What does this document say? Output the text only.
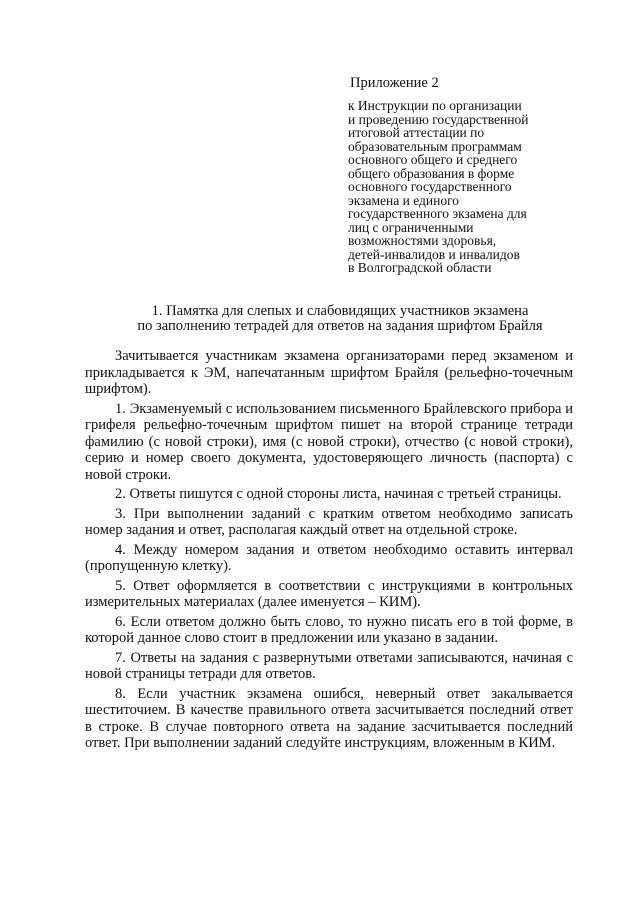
Приложение 2
к Инструкции по организации
и проведению государственной
итоговой аттестации по
образовательным программам
основного общего и среднего
общего образования в форме
основного государственного
экзамена и единого
государственного экзамена для
лиц с ограниченными
возможностями здоровья,
детей-инвалидов и инвалидов
в Волгоградской области
1. Памятка для слепых и слабовидящих участников экзамена
по заполнению тетрадей для ответов на задания шрифтом Брайля

Зачитывается участникам экзамена организаторами перед экзаменом и прикладывается к ЭМ, напечатанным шрифтом Брайля (рельефно-точечным шрифтом).

1. Экзаменуемый с использованием письменного Брайлевского прибора и грифеля рельефно-точечным шрифтом пишет на второй странице тетради фамилию (с новой строки), имя (с новой строки), отчество (с новой строки), серию и номер своего документа, удостоверяющего личность (паспорта) с новой строки.

2. Ответы пишутся с одной стороны листа, начиная с третьей страницы.

3. При выполнении заданий с кратким ответом необходимо записать номер задания и ответ, располагая каждый ответ на отдельной строке.

4. Между номером задания и ответом необходимо оставить интервал (пропущенную клетку).

5. Ответ оформляется в соответствии с инструкциями в контрольных измерительных материалах (далее именуется – КИМ).

6. Если ответом должно быть слово, то нужно писать его в той форме, в которой данное слово стоит в предложении или указано в задании.

7. Ответы на задания с развернутыми ответами записываются, начиная с новой страницы тетради для ответов.

8. Если участник экзамена ошибся, неверный ответ закалывается шеститочием. В качестве правильного ответа засчитывается последний ответ в строке. В случае повторного ответа на задание засчитывается последний ответ. При выполнении заданий следуйте инструкциям, вложенным в КИМ.
